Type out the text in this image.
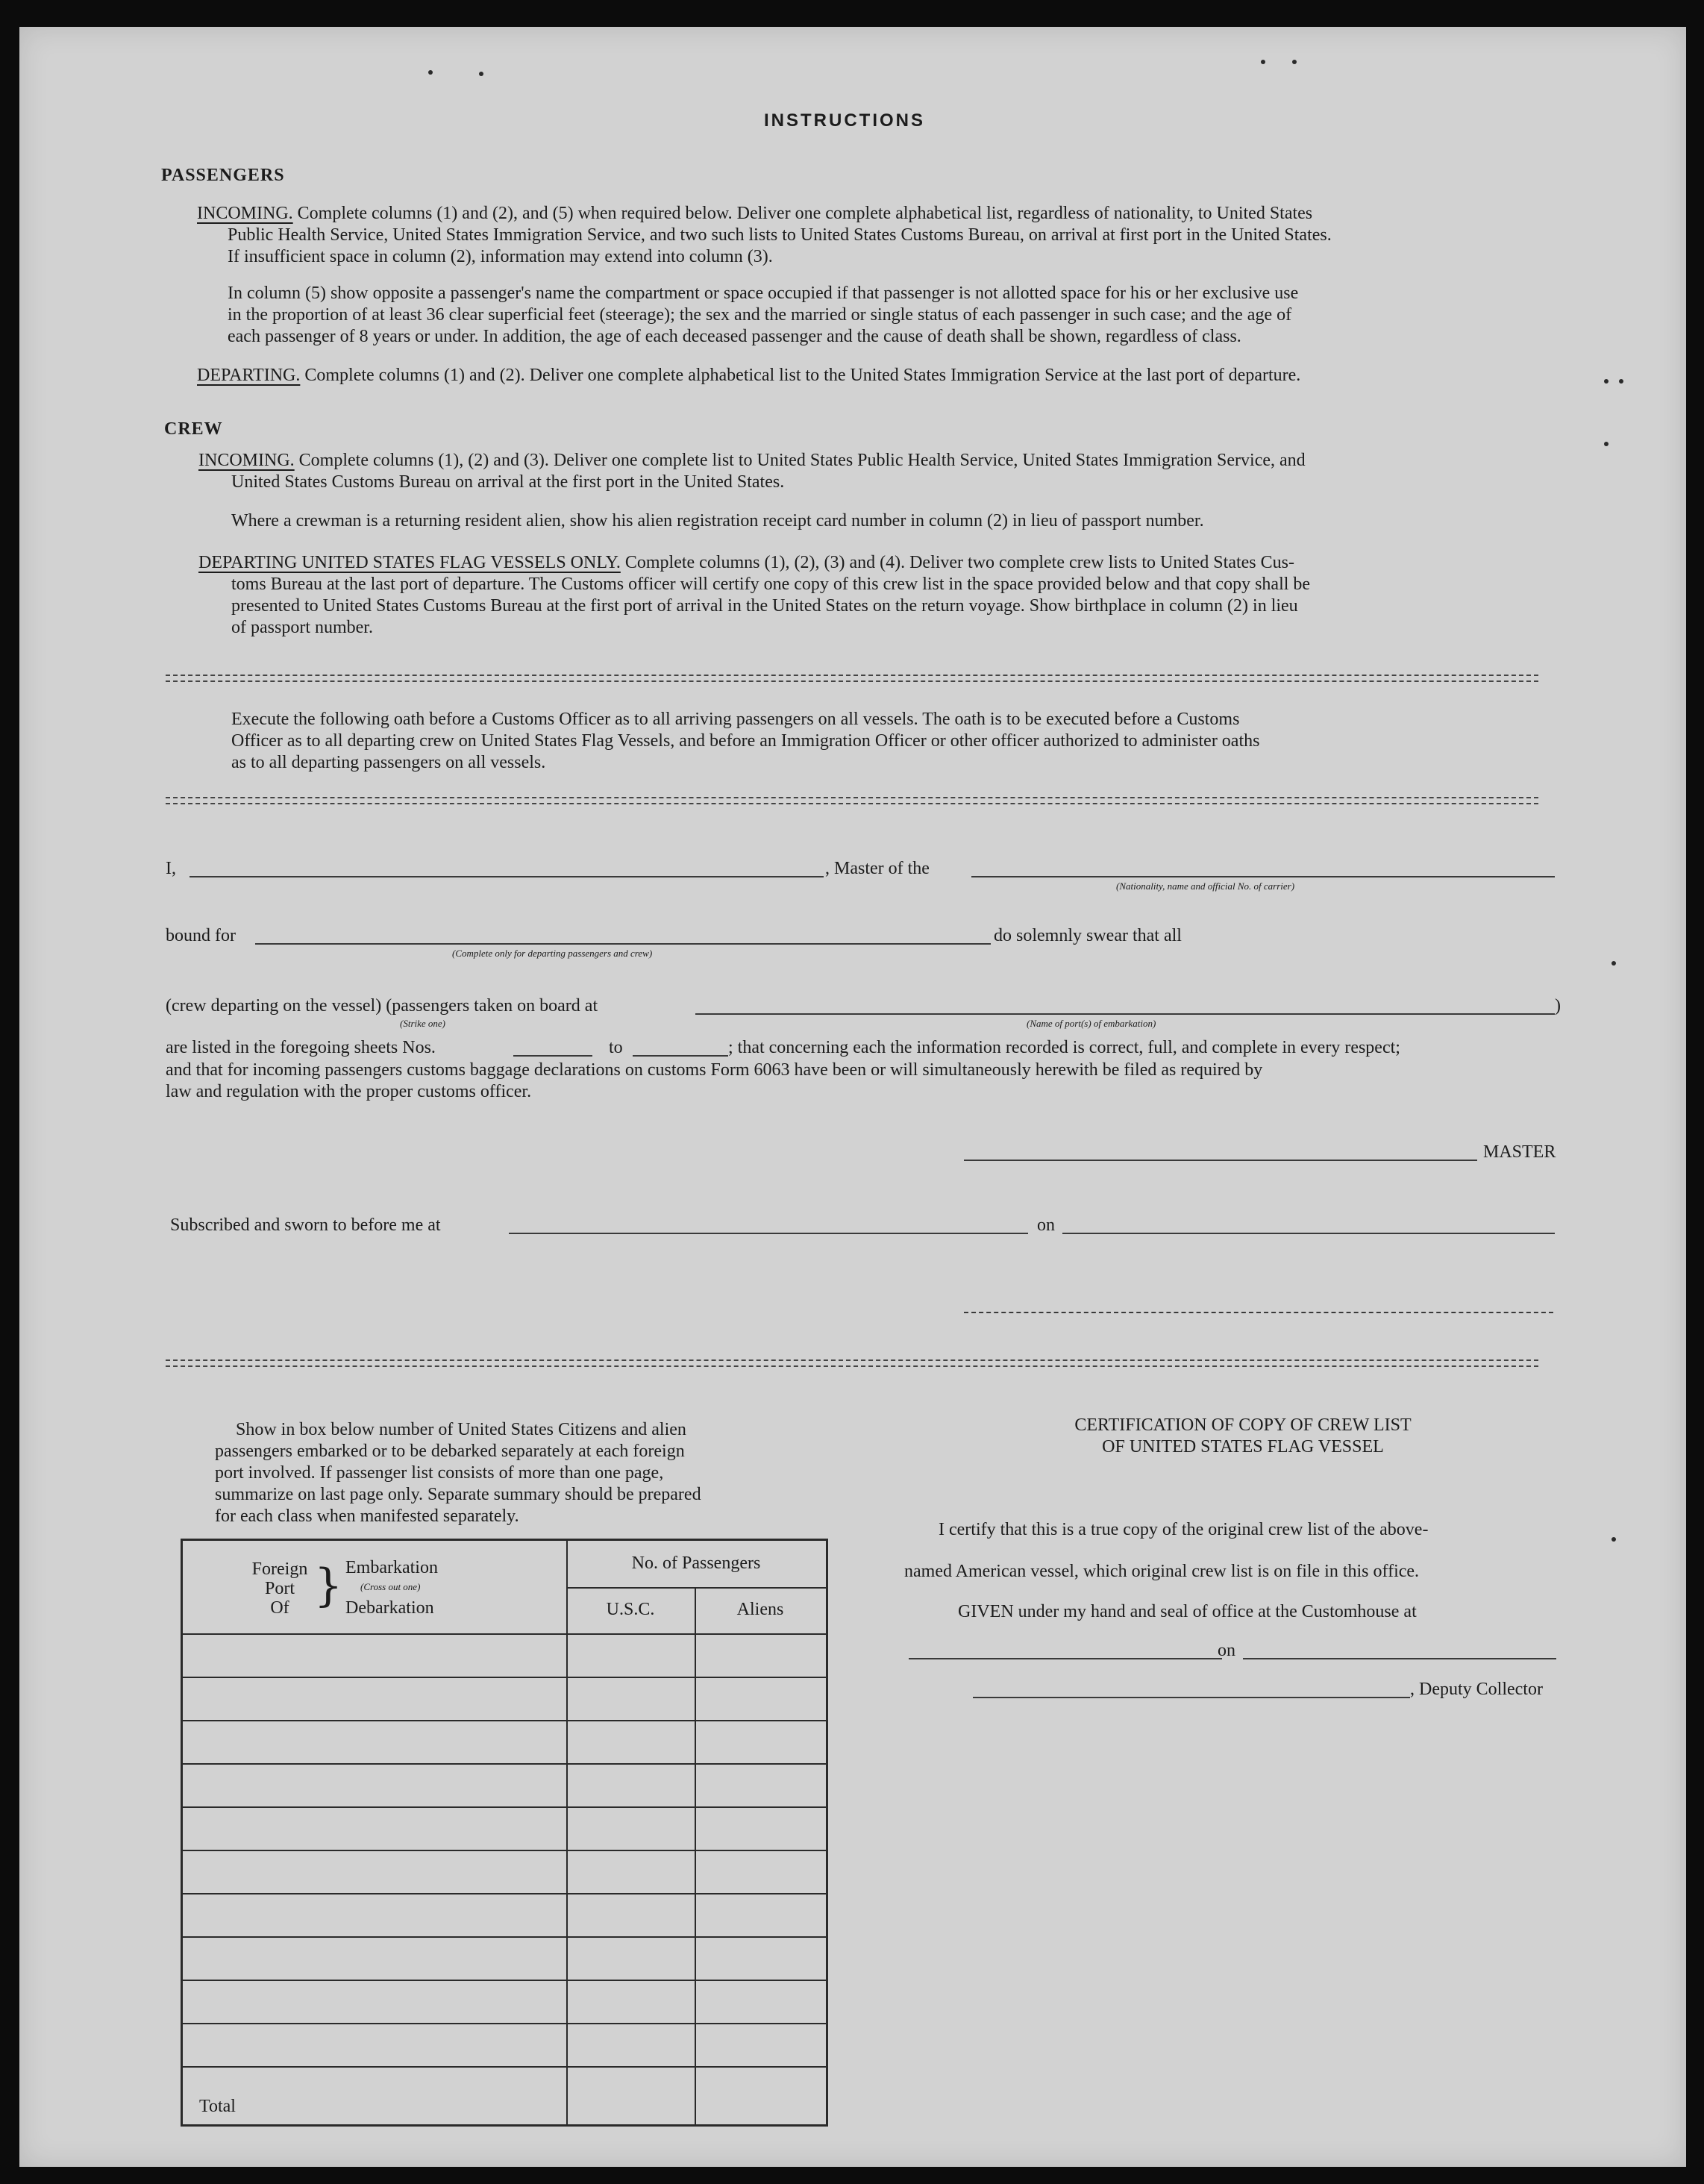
INSTRUCTIONS
PASSENGERS
INCOMING. Complete columns (1) and (2), and (5) when required below. Deliver one complete alphabetical list, regardless of nationality, to United States
Public Health Service, United States Immigration Service, and two such lists to United States Customs Bureau, on arrival at first port in the United States.
If insufficient space in column (2), information may extend into column (3).
In column (5) show opposite a passenger's name the compartment or space occupied if that passenger is not allotted space for his or her exclusive use
in the proportion of at least 36 clear superficial feet (steerage); the sex and the married or single status of each passenger in such case; and the age of
each passenger of 8 years or under. In addition, the age of each deceased passenger and the cause of death shall be shown, regardless of class.
DEPARTING. Complete columns (1) and (2). Deliver one complete alphabetical list to the United States Immigration Service at the last port of departure.
CREW
INCOMING. Complete columns (1), (2) and (3). Deliver one complete list to United States Public Health Service, United States Immigration Service, and
United States Customs Bureau on arrival at the first port in the United States.
Where a crewman is a returning resident alien, show his alien registration receipt card number in column (2) in lieu of passport number.
DEPARTING UNITED STATES FLAG VESSELS ONLY. Complete columns (1), (2), (3) and (4). Deliver two complete crew lists to United States Cus-
toms Bureau at the last port of departure. The Customs officer will certify one copy of this crew list in the space provided below and that copy shall be
presented to United States Customs Bureau at the first port of arrival in the United States on the return voyage. Show birthplace in column (2) in lieu
of passport number.
Execute the following oath before a Customs Officer as to all arriving passengers on all vessels. The oath is to be executed before a Customs
Officer as to all departing crew on United States Flag Vessels, and before an Immigration Officer or other officer authorized to administer oaths
as to all departing passengers on all vessels.
I,	, Master of the
(Nationality, name and official No. of carrier)
bound for
(Complete only for departing passengers and crew)
do solemnly swear that all
(crew departing on the vessel) (passengers taken on board at	)
(Strike one)	(Name of port(s) of embarkation)
are listed in the foregoing sheets Nos.	to	; that concerning each the information recorded is correct, full, and complete in every respect;
and that for incoming passengers customs baggage declarations on customs Form 6063 have been or will simultaneously herewith be filed as required by
law and regulation with the proper customs officer.
MASTER
Subscribed and sworn to before me at	on
Show in box below number of United States Citizens and alien
passengers embarked or to be debarked separately at each foreign
port involved. If passenger list consists of more than one page,
summarize on last page only. Separate summary should be prepared
for each class when manifested separately.
Foreign
Port
Of } Embarkation
(Cross out one)
Debarkation
No. of Passengers
U.S.C.	Aliens
Total
CERTIFICATION OF COPY OF CREW LIST
OF UNITED STATES FLAG VESSEL
I certify that this is a true copy of the original crew list of the above-
named American vessel, which original crew list is on file in this office.
GIVEN under my hand and seal of office at the Customhouse at
on
, Deputy Collector
